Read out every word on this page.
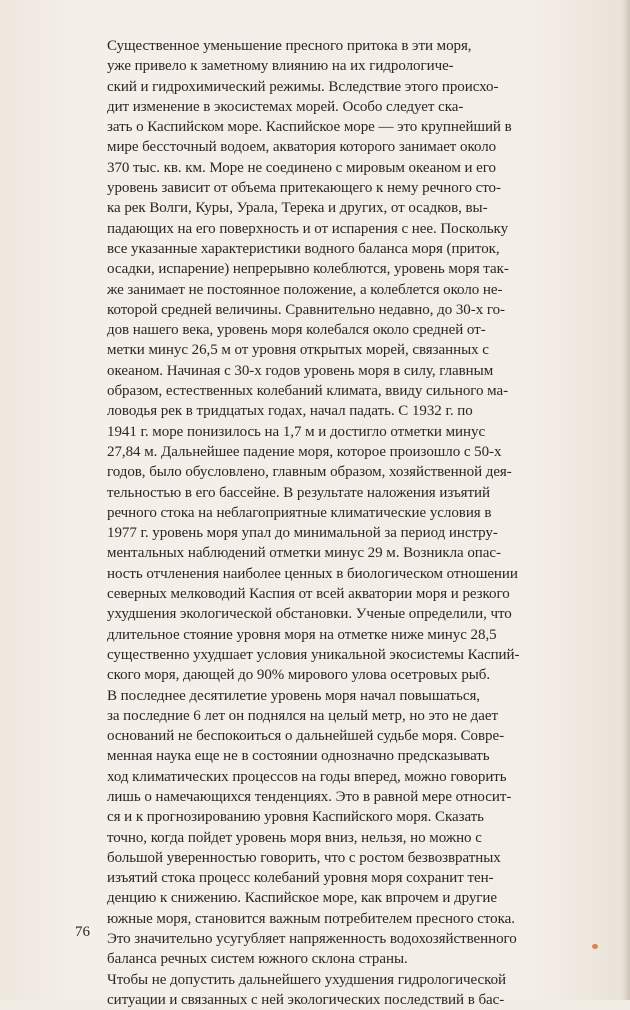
Существенное уменьшение пресного притока в эти моря,
уже привело к заметному влиянию на их гидрологиче-
ский и гидрохимический режимы. Вследствие этого происхо-
дит изменение в экосистемах морей. Особо следует ска-
зать о Каспийском море. Каспийское море — это крупнейший в
мире бессточный водоем, акватория которого занимает около
370 тыс. кв. км. Море не соединено с мировым океаном и его
уровень зависит от объема притекающего к нему речного сто-
ка рек Волги, Куры, Урала, Терека и других, от осадков, вы-
падающих на его поверхность и от испарения с нее. Поскольку
все указанные характеристики водного баланса моря (приток,
осадки, испарение) непрерывно колеблются, уровень моря так-
же занимает не постоянное положение, а колеблется около не-
которой средней величины. Сравнительно недавно, до 30-х го-
дов нашего века, уровень моря колебался около средней от-
метки минус 26,5 м от уровня открытых морей, связанных с
океаном. Начиная с 30-х годов уровень моря в силу, главным
образом, естественных колебаний климата, ввиду сильного ма-
ловодья рек в тридцатых годах, начал падать. С 1932 г. по
1941 г. море понизилось на 1,7 м и достигло отметки минус
27,84 м. Дальнейшее падение моря, которое произошло с 50-х
годов, было обусловлено, главным образом, хозяйственной дея-
тельностью в его бассейне. В результате наложения изъятий
речного стока на неблагоприятные климатические условия в
1977 г. уровень моря упал до минимальной за период инстру-
ментальных наблюдений отметки минус 29 м. Возникла опас-
ность отчленения наиболее ценных в биологическом отношении
северных мелководий Каспия от всей акватории моря и резкого
ухудшения экологической обстановки. Ученые определили, что
длительное стояние уровня моря на отметке ниже минус 28,5
существенно ухудшает условия уникальной экосистемы Каспий-
ского моря, дающей до 90% мирового улова осетровых рыб.

В последнее десятилетие уровень моря начал повышаться,
за последние 6 лет он поднялся на целый метр, но это не дает
оснований не беспокоиться о дальнейшей судьбе моря. Совре-
менная наука еще не в состоянии однозначно предсказывать
ход климатических процессов на годы вперед, можно говорить
лишь о намечающихся тенденциях. Это в равной мере относит-
ся и к прогнозированию уровня Каспийского моря. Сказать
точно, когда пойдет уровень моря вниз, нельзя, но можно с
большой уверенностью говорить, что с ростом безвозвратных
изъятий стока процесс колебаний уровня моря сохранит тен-
денцию к снижению. Каспийское море, как впрочем и другие
южные моря, становится важным потребителем пресного стока.
Это значительно усугубляет напряженность водохозяйственного
баланса речных систем южного склона страны.

Чтобы не допустить дальнейшего ухудшения гидрологической
ситуации и связанных с ней экологических последствий в бас-

76
